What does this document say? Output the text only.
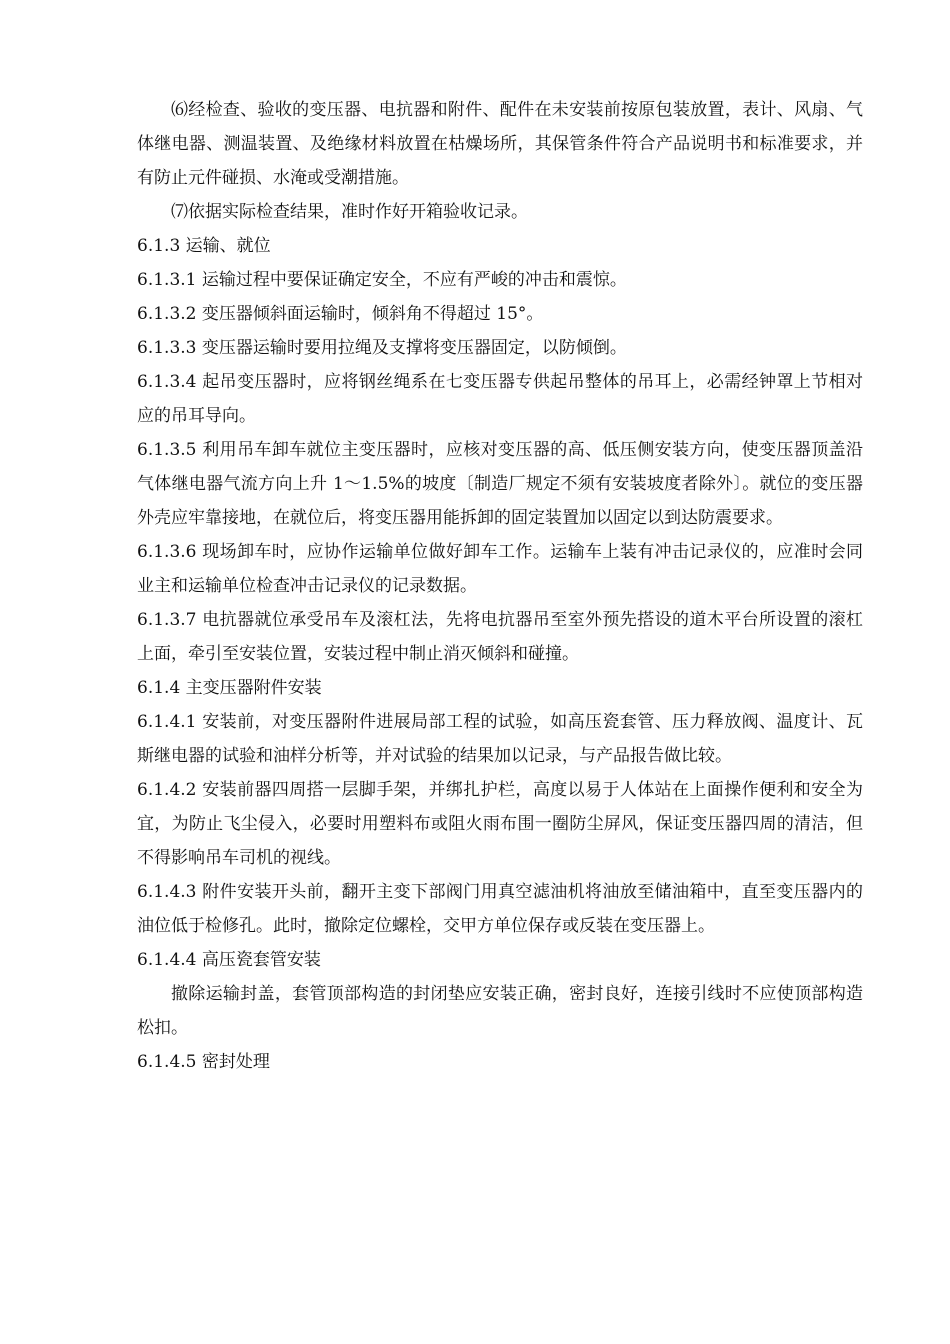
⑹经检查、验收的变压器、电抗器和附件、配件在未安装前按原包装放置，表计、风扇、气体继电器、测温装置、及绝缘材料放置在枯燥场所，其保管条件符合产品说明书和标准要求，并有防止元件碰损、水淹或受潮措施。

⑺依据实际检查结果，准时作好开箱验收记录。

6.1.3 运输、就位

6.1.3.1 运输过程中要保证确定安全，不应有严峻的冲击和震惊。

6.1.3.2 变压器倾斜面运输时，倾斜角不得超过 15°。

6.1.3.3 变压器运输时要用拉绳及支撑将变压器固定，以防倾倒。

6.1.3.4 起吊变压器时，应将钢丝绳系在七变压器专供起吊整体的吊耳上，必需经钟罩上节相对应的吊耳导向。

6.1.3.5 利用吊车卸车就位主变压器时，应核对变压器的高、低压侧安装方向，使变压器顶盖沿气体继电器气流方向上升 1～1.5%的坡度〔制造厂规定不须有安装坡度者除外〕。就位的变压器外壳应牢靠接地，在就位后，将变压器用能拆卸的固定装置加以固定以到达防震要求。

6.1.3.6 现场卸车时，应协作运输单位做好卸车工作。运输车上装有冲击记录仪的，应准时会同业主和运输单位检查冲击记录仪的记录数据。

6.1.3.7 电抗器就位承受吊车及滚杠法，先将电抗器吊至室外预先搭设的道木平台所设置的滚杠上面，牵引至安装位置，安装过程中制止消灭倾斜和碰撞。

6.1.4 主变压器附件安装

6.1.4.1 安装前，对变压器附件进展局部工程的试验，如高压瓷套管、压力释放阀、温度计、瓦斯继电器的试验和油样分析等，并对试验的结果加以记录，与产品报告做比较。

6.1.4.2 安装前器四周搭一层脚手架，并绑扎护栏，高度以易于人体站在上面操作便利和安全为宜，为防止飞尘侵入，必要时用塑料布或阻火雨布围一圈防尘屏风，保证变压器四周的清洁，但不得影响吊车司机的视线。

6.1.4.3 附件安装开头前，翻开主变下部阀门用真空滤油机将油放至储油箱中，直至变压器内的油位低于检修孔。此时，撤除定位螺栓，交甲方单位保存或反装在变压器上。

6.1.4.4 高压瓷套管安装

撤除运输封盖，套管顶部构造的封闭垫应安装正确，密封良好，连接引线时不应使顶部构造松扣。

6.1.4.5 密封处理
